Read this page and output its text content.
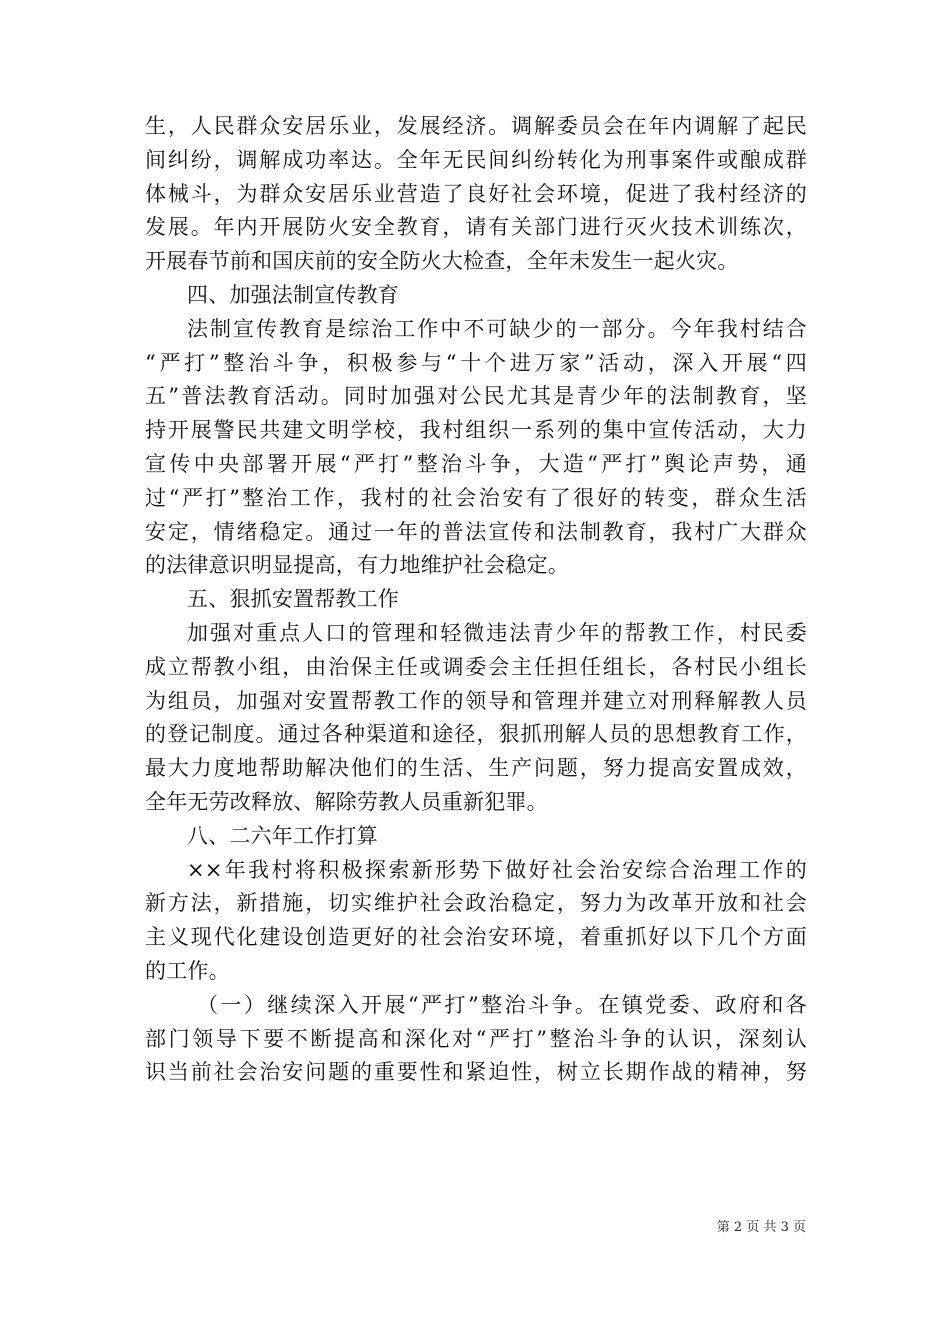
生，人民群众安居乐业，发展经济。调解委员会在年内调解了起民
间纠纷，调解成功率达。全年无民间纠纷转化为刑事案件或酿成群
体械斗，为群众安居乐业营造了良好社会环境，促进了我村经济的
发展。年内开展防火安全教育，请有关部门进行灭火技术训练次，
开展春节前和国庆前的安全防火大检查，全年未发生一起火灾。
四、加强法制宣传教育
法制宣传教育是综治工作中不可缺少的一部分。今年我村结合
“严打”整治斗争，积极参与“十个进万家”活动，深入开展“四
五”普法教育活动。同时加强对公民尤其是青少年的法制教育，坚
持开展警民共建文明学校，我村组织一系列的集中宣传活动，大力
宣传中央部署开展“严打”整治斗争，大造“严打”舆论声势，通
过“严打”整治工作，我村的社会治安有了很好的转变，群众生活
安定，情绪稳定。通过一年的普法宣传和法制教育，我村广大群众
的法律意识明显提高，有力地维护社会稳定。
五、狠抓安置帮教工作
加强对重点人口的管理和轻微违法青少年的帮教工作，村民委
成立帮教小组，由治保主任或调委会主任担任组长，各村民小组长
为组员，加强对安置帮教工作的领导和管理并建立对刑释解教人员
的登记制度。通过各种渠道和途径，狠抓刑解人员的思想教育工作，
最大力度地帮助解决他们的生活、生产问题，努力提高安置成效，
全年无劳改释放、解除劳教人员重新犯罪。
八、二六年工作打算
××年我村将积极探索新形势下做好社会治安综合治理工作的
新方法，新措施，切实维护社会政治稳定，努力为改革开放和社会
主义现代化建设创造更好的社会治安环境，着重抓好以下几个方面
的工作。
（一）继续深入开展“严打”整治斗争。在镇党委、政府和各
部门领导下要不断提高和深化对“严打”整治斗争的认识，深刻认
识当前社会治安问题的重要性和紧迫性，树立长期作战的精神，努
第 2 页 共 3 页
